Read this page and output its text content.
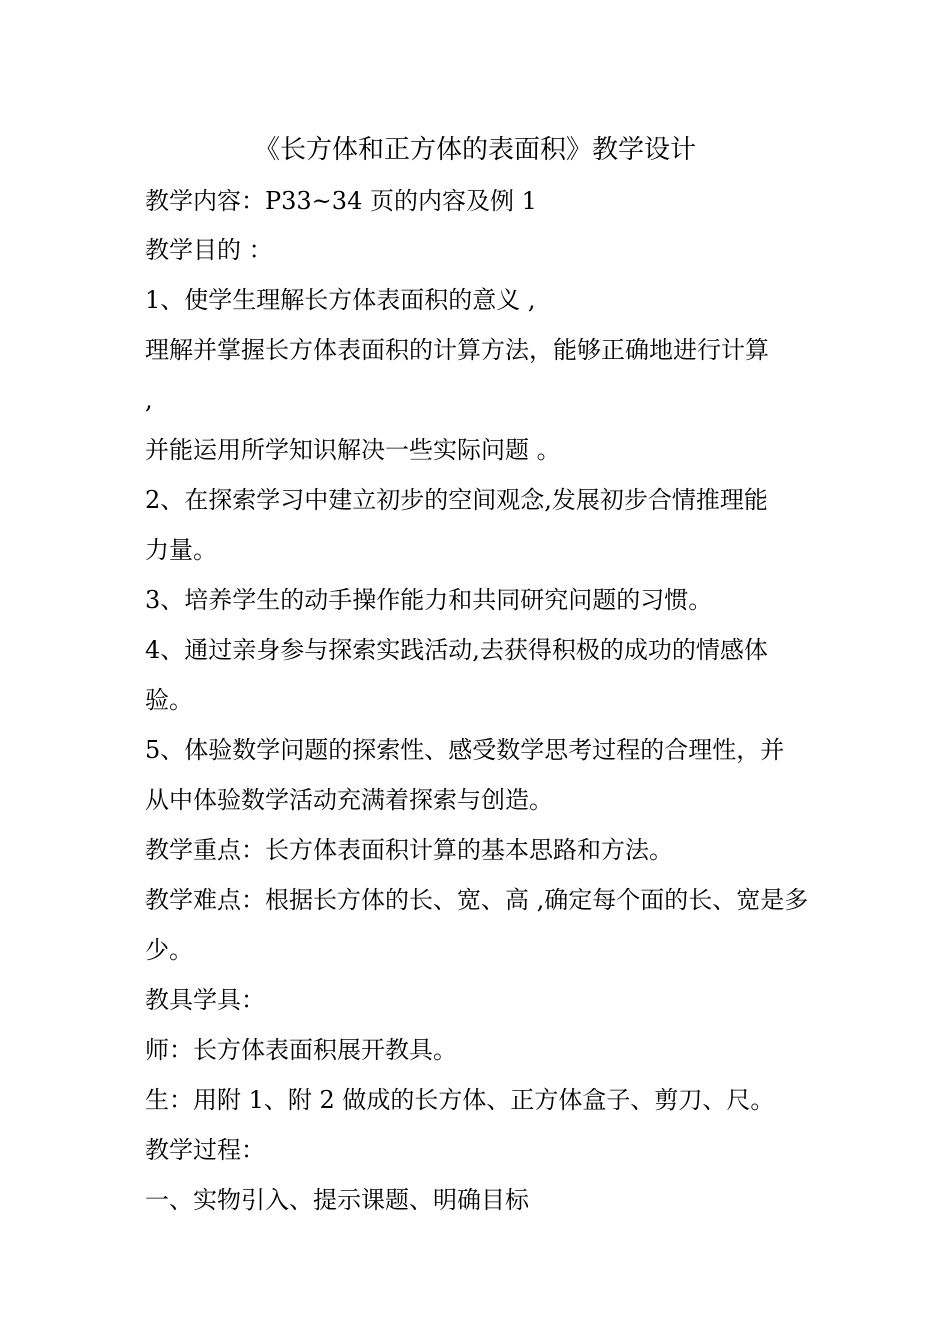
《长方体和正方体的表面积》教学设计
教学内容：P33~34 页的内容及例 1
教学目的 ：
1、使学生理解长方体表面积的意义 ,
理解并掌握长方体表面积的计算方法，能够正确地进行计算
,
并能运用所学知识解决一些实际问题 。
2、在探索学习中建立初步的空间观念,发展初步合情推理能
力量。
3、培养学生的动手操作能力和共同研究问题的习惯。
4、通过亲身参与探索实践活动,去获得积极的成功的情感体
验。
5、体验数学问题的探索性、感受数学思考过程的合理性，并
从中体验数学活动充满着探索与创造。
教学重点：长方体表面积计算的基本思路和方法。
教学难点：根据长方体的长、宽、高 ,确定每个面的长、宽是多
少。
教具学具：
师：长方体表面积展开教具。
生：用附 1、附 2 做成的长方体、正方体盒子、剪刀、尺。
教学过程：
一、实物引入、提示课题、明确目标
